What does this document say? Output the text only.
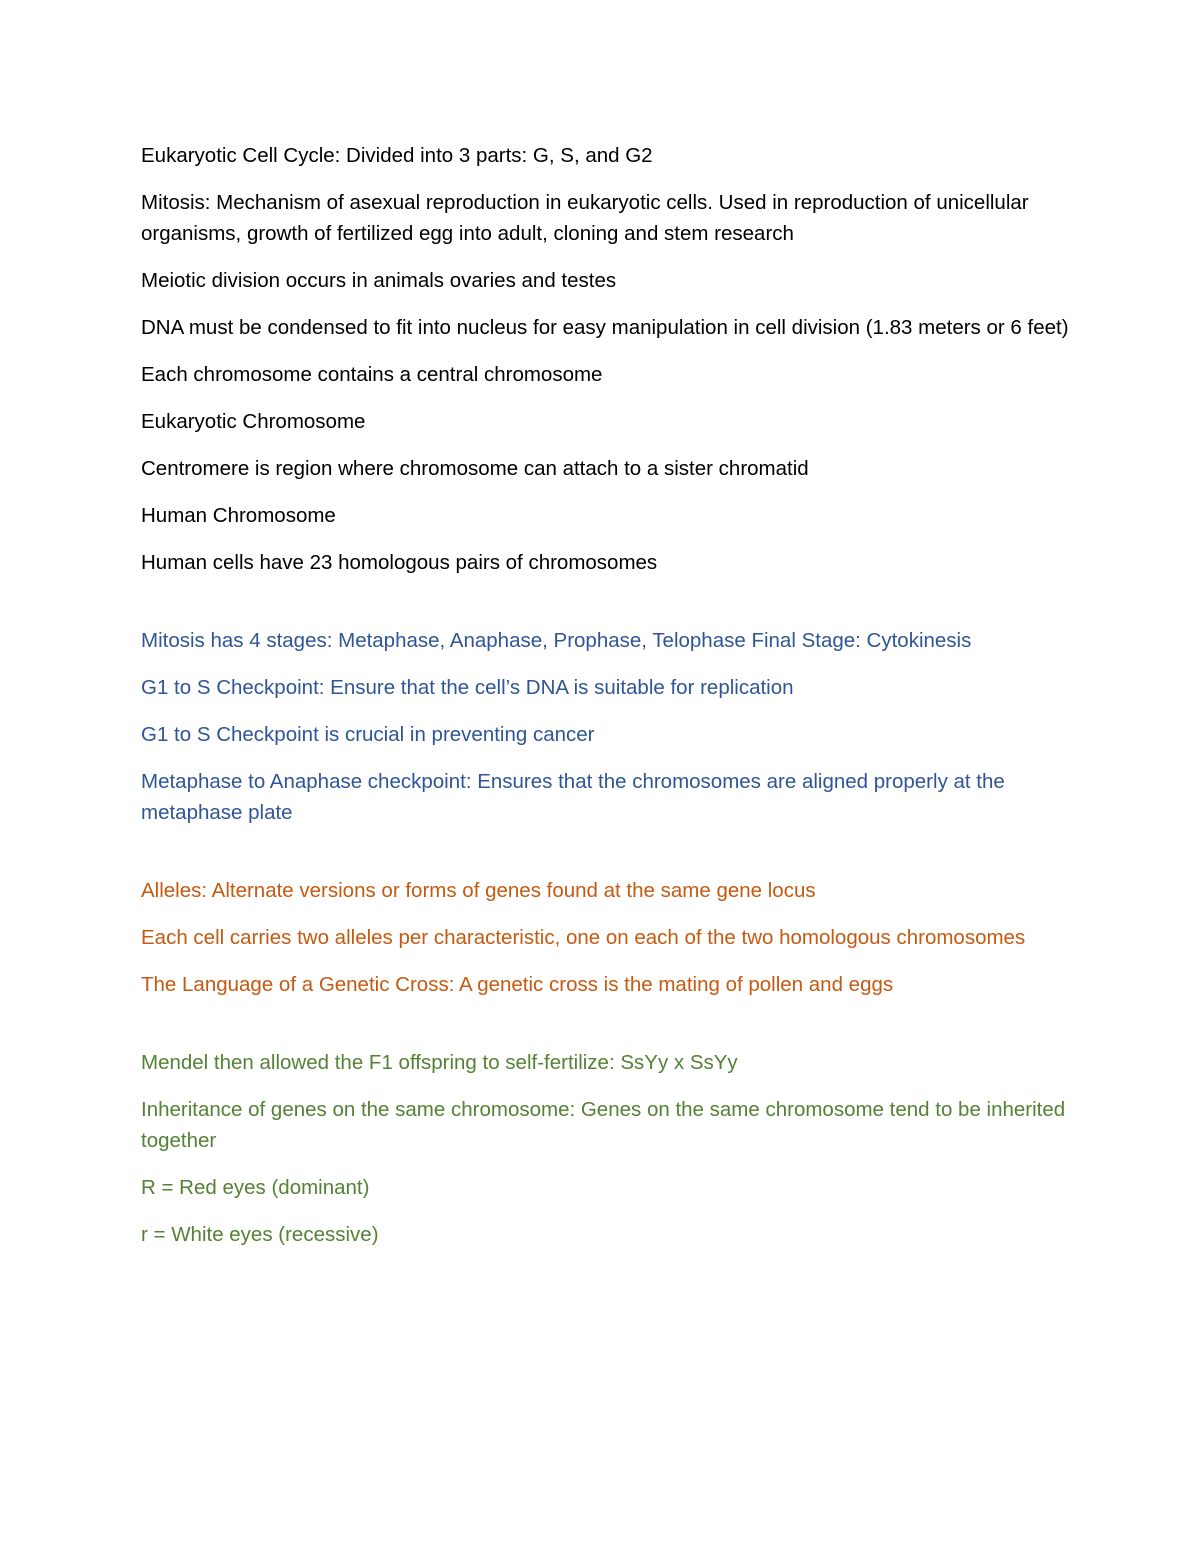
Eukaryotic Cell Cycle: Divided into 3 parts: G, S, and G2

Mitosis: Mechanism of asexual reproduction in eukaryotic cells. Used in reproduction of unicellular organisms, growth of fertilized egg into adult, cloning and stem research

Meiotic division occurs in animals ovaries and testes

DNA must be condensed to fit into nucleus for easy manipulation in cell division (1.83 meters or 6 feet)

Each chromosome contains a central chromosome

Eukaryotic Chromosome

Centromere is region where chromosome can attach to a sister chromatid

Human Chromosome

Human cells have 23 homologous pairs of chromosomes

Mitosis has 4 stages: Metaphase, Anaphase, Prophase, Telophase Final Stage: Cytokinesis

G1 to S Checkpoint: Ensure that the cell’s DNA is suitable for replication

G1 to S Checkpoint is crucial in preventing cancer

Metaphase to Anaphase checkpoint: Ensures that the chromosomes are aligned properly at the metaphase plate

Alleles: Alternate versions or forms of genes found at the same gene locus

Each cell carries two alleles per characteristic, one on each of the two homologous chromosomes

The Language of a Genetic Cross: A genetic cross is the mating of pollen and eggs

Mendel then allowed the F1 offspring to self-fertilize: SsYy x SsYy

Inheritance of genes on the same chromosome: Genes on the same chromosome tend to be inherited together

R = Red eyes (dominant)

r = White eyes (recessive)
